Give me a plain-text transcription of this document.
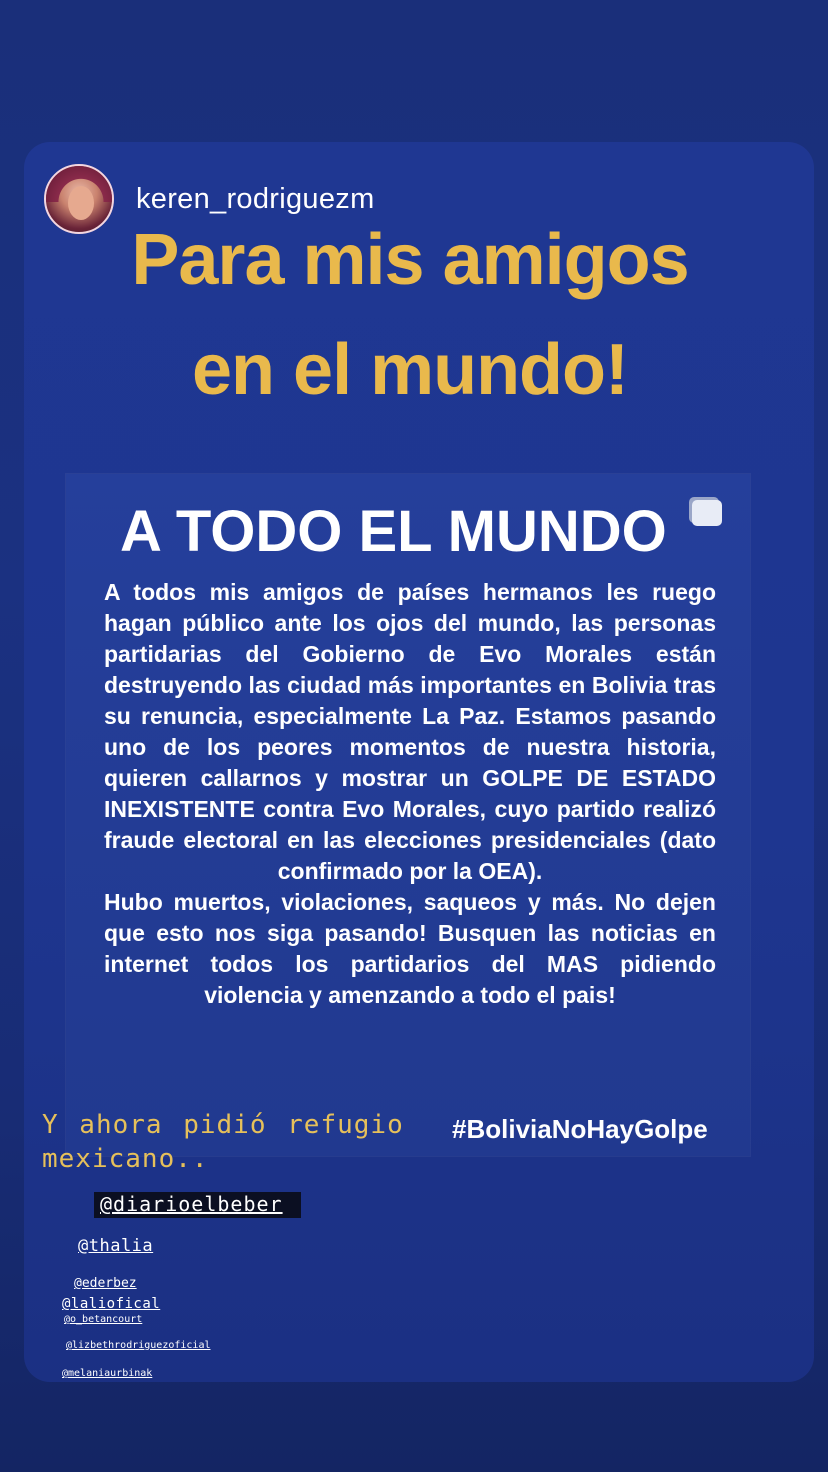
keren_rodriguezm
Para mis amigos
en el mundo!
A TODO EL MUNDO

A todos mis amigos de países hermanos les ruego hagan público ante los ojos del mundo, las personas partidarias del Gobierno de Evo Morales están destruyendo las ciudad más importantes en Bolivia tras su renuncia, especialmente La Paz. Estamos pasando uno de los peores momentos de nuestra historia, quieren callarnos y mostrar un GOLPE DE ESTADO INEXISTENTE contra Evo Morales, cuyo partido realizó fraude electoral en las elecciones presidenciales (dato confirmado por la OEA).

Hubo muertos, violaciones, saqueos y más. No dejen que esto nos siga pasando! Busquen las noticias en internet todos los partidarios del MAS pidiendo violencia y amenzando a todo el pais!

Y ahora pidió refugio mexicano..
#BoliviaNoHayGolpe
@diarioelbeber
@thalia
@ederbez
@laliofical
@o_betancourt
@lizbethrodriguezoficial
@melaniaurbinak
